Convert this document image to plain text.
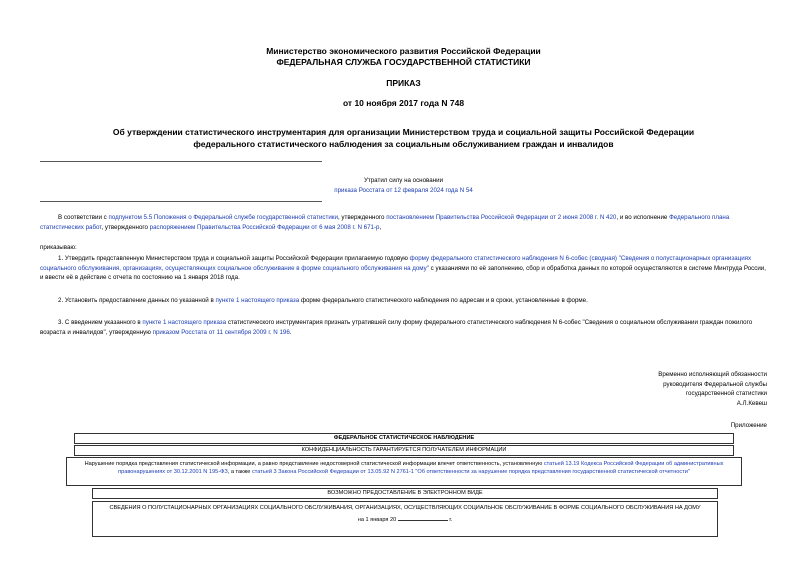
Министерство экономического развития Российской Федерации
ФЕДЕРАЛЬНАЯ СЛУЖБА ГОСУДАРСТВЕННОЙ СТАТИСТИКИ
ПРИКАЗ
от 10 ноября 2017 года N 748
Об утверждении статистического инструментария для организации Министерством труда и социальной защиты Российской Федерации федерального статистического наблюдения за социальным обслуживанием граждан и инвалидов
Утратил силу на основании
приказа Росстата от 12 февраля 2024 года N 54
В соответствии с подпунктом 5.5 Положения о Федеральной службе государственной статистики, утвержденного постановлением Правительства Российской Федерации от 2 июня 2008 г. N 420, и во исполнение Федерального плана статистических работ, утвержденного распоряжением Правительства Российской Федерации от 6 мая 2008 г. N 671-р,
приказываю:
1. Утвердить представленную Министерством труда и социальной защиты Российской Федерации прилагаемую годовую форму федерального статистического наблюдения N 6-собес (сводная) "Сведения о полустационарных организациях социального обслуживания, организациях, осуществляющих социальное обслуживание в форме социального обслуживания на дому" с указаниями по её заполнению, сбор и обработка данных по которой осуществляются в системе Минтруда России, и ввести её в действие с отчета по состоянию на 1 января 2018 года.
2. Установить предоставление данных по указанной в пункте 1 настоящего приказа форме федерального статистического наблюдения по адресам и в сроки, установленные в форме.
3. С введением указанного в пункте 1 настоящего приказа статистического инструментария признать утратившей силу форму федерального статистического наблюдения N 6-собес "Сведения о социальном обслуживании граждан пожилого возраста и инвалидов", утвержденную приказом Росстата от 11 сентября 2009 г. N 196.
Временно исполняющий обязанности
руководителя Федеральной службы
государственной статистики
А.Л.Кевеш
Приложение
ФЕДЕРАЛЬНОЕ СТАТИСТИЧЕСКОЕ НАБЛЮДЕНИЕ
КОНФИДЕНЦИАЛЬНОСТЬ ГАРАНТИРУЕТСЯ ПОЛУЧАТЕЛЕМ ИНФОРМАЦИИ
Нарушение порядка представления статистической информации, а равно представление недостоверной статистической информации влечет ответственность, установленную статьей 13.19 Кодекса Российской Федерации об административных правонарушениях от 30.12.2001 N 195-ФЗ, а также статьей 3 Закона Российской Федерации от 13.05.92 N 2761-1 "Об ответственности за нарушение порядка представления государственной статистической отчетности"
ВОЗМОЖНО ПРЕДОСТАВЛЕНИЕ В ЭЛЕКТРОННОМ ВИДЕ
СВЕДЕНИЯ О ПОЛУСТАЦИОНАРНЫХ ОРГАНИЗАЦИЯХ СОЦИАЛЬНОГО ОБСЛУЖИВАНИЯ, ОРГАНИЗАЦИЯХ, ОСУЩЕСТВЛЯЮЩИХ СОЦИАЛЬНОЕ ОБСЛУЖИВАНИЕ В ФОРМЕ СОЦИАЛЬНОГО ОБСЛУЖИВАНИЯ НА ДОМУ
на 1 января 20	г.
